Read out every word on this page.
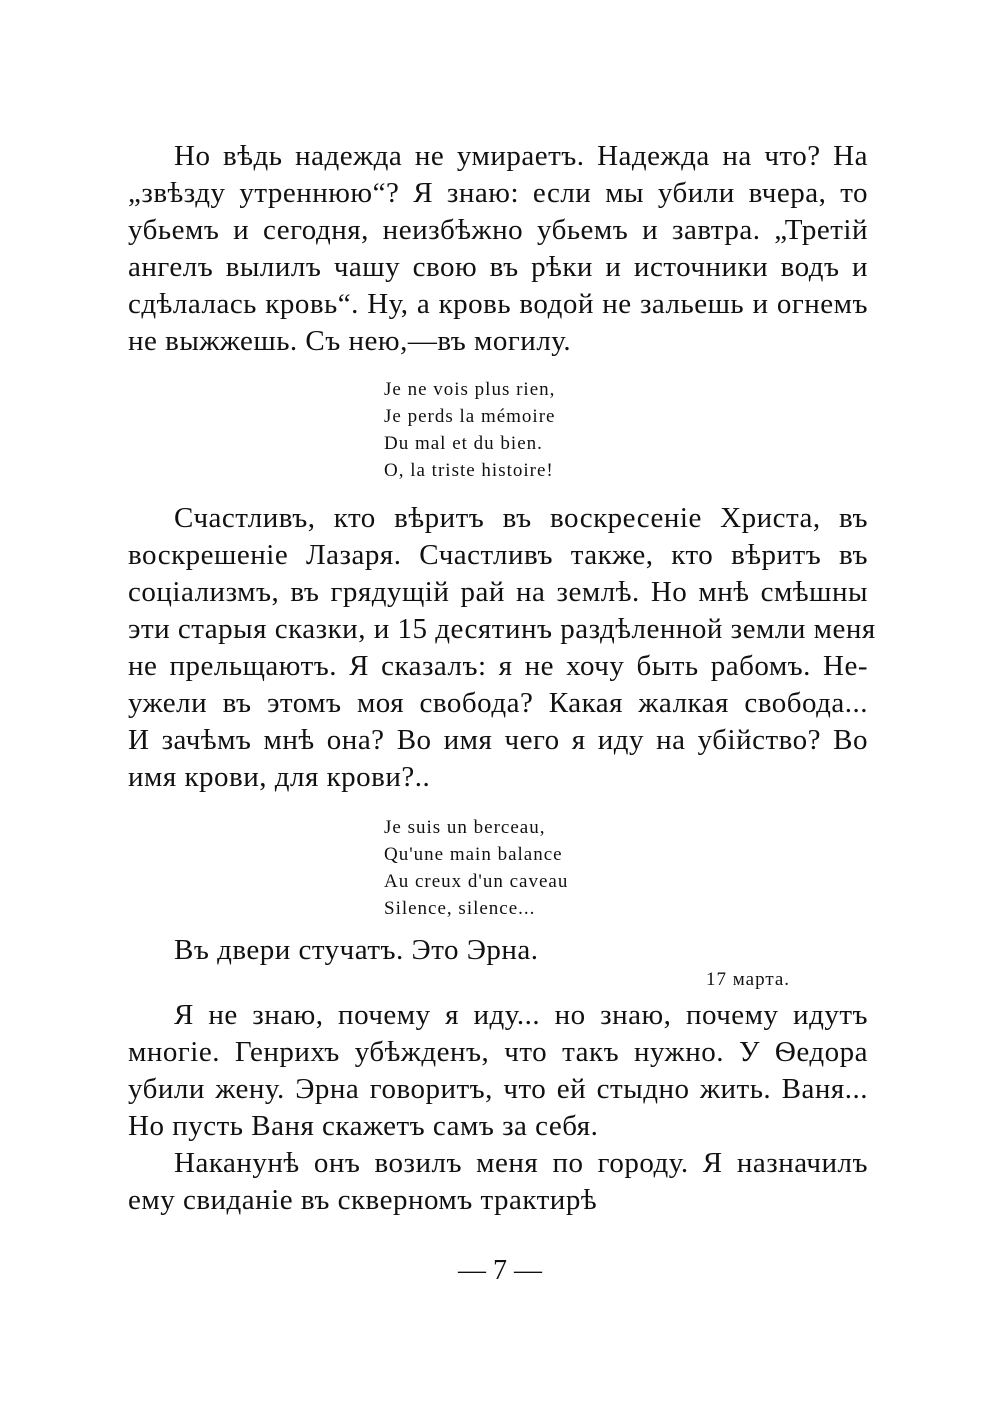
Но вѣдь надежда не умираетъ. Надежда на что? На
„звѣзду утреннюю“? Я знаю: если мы убили вчера, то
убьемъ и сегодня, неизбѣжно убьемъ и завтра. „Третій
ангелъ вылилъ чашу свою въ рѣки и источники водъ и
сдѣлалась кровь“. Ну, а кровь водой не зальешь и огнемъ
не выжжешь. Съ нею,—въ могилу.
Je ne vois plus rien,
Je perds la mémoire
Du mal et du bien.
O, la triste histoire!
Счастливъ, кто вѣритъ въ воскресеніе Христа, въ
воскрешеніе Лазаря. Счастливъ также, кто вѣритъ въ
соціализмъ, въ грядущій рай на землѣ. Но мнѣ смѣшны
эти старыя сказки, и 15 десятинъ раздѣленной земли меня
не прельщаютъ. Я сказалъ: я не хочу быть рабомъ. Не-
ужели въ этомъ моя свобода? Какая жалкая свобода...
И зачѣмъ мнѣ она? Во имя чего я иду на убійство? Во
имя крови, для крови?..
Je suis un berceau,
Qu'une main balance
Au creux d'un caveau
Silence, silence...
Въ двери стучатъ. Это Эрна.
17 марта.
Я не знаю, почему я иду... но знаю, почему идутъ
многіе. Генрихъ убѣжденъ, что такъ нужно. У Ѳедора
убили жену. Эрна говоритъ, что ей стыдно жить. Ваня...
Но пусть Ваня скажетъ самъ за себя.
Наканунѣ онъ возилъ меня по городу. Я назначилъ
ему свиданіе въ скверномъ трактирѣ
— 7 —
